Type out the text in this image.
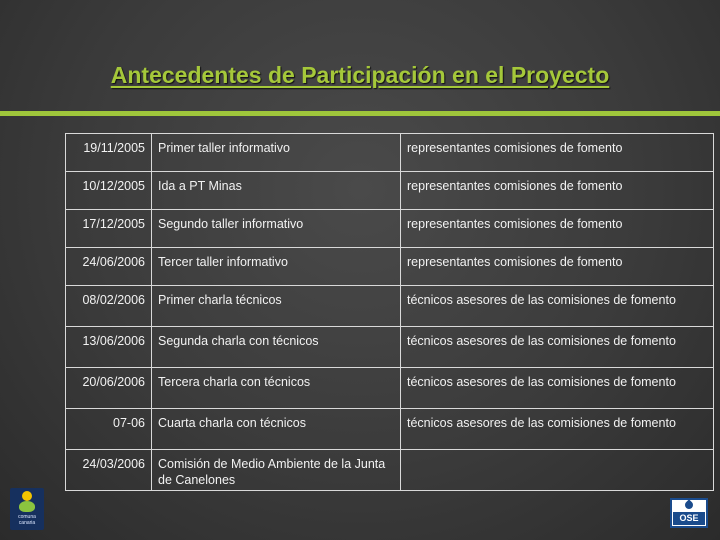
Antecedentes de Participación en el Proyecto
19/11/2005	Primer taller informativo	representantes comisiones de fomento
10/12/2005	Ida a PT Minas	representantes comisiones de fomento
17/12/2005	Segundo taller informativo	representantes comisiones de fomento
24/06/2006	Tercer taller informativo	representantes comisiones de fomento
08/02/2006	Primer charla técnicos	técnicos asesores de las comisiones de fomento
13/06/2006	Segunda charla con técnicos	técnicos asesores de las comisiones de fomento
20/06/2006	Tercera charla con técnicos	técnicos asesores de las comisiones de fomento
07-06	Cuarta charla con técnicos	técnicos asesores de las comisiones de fomento
24/03/2006	Comisión de Medio Ambiente de la Junta de Canelones	
comuna canaria	OSE
